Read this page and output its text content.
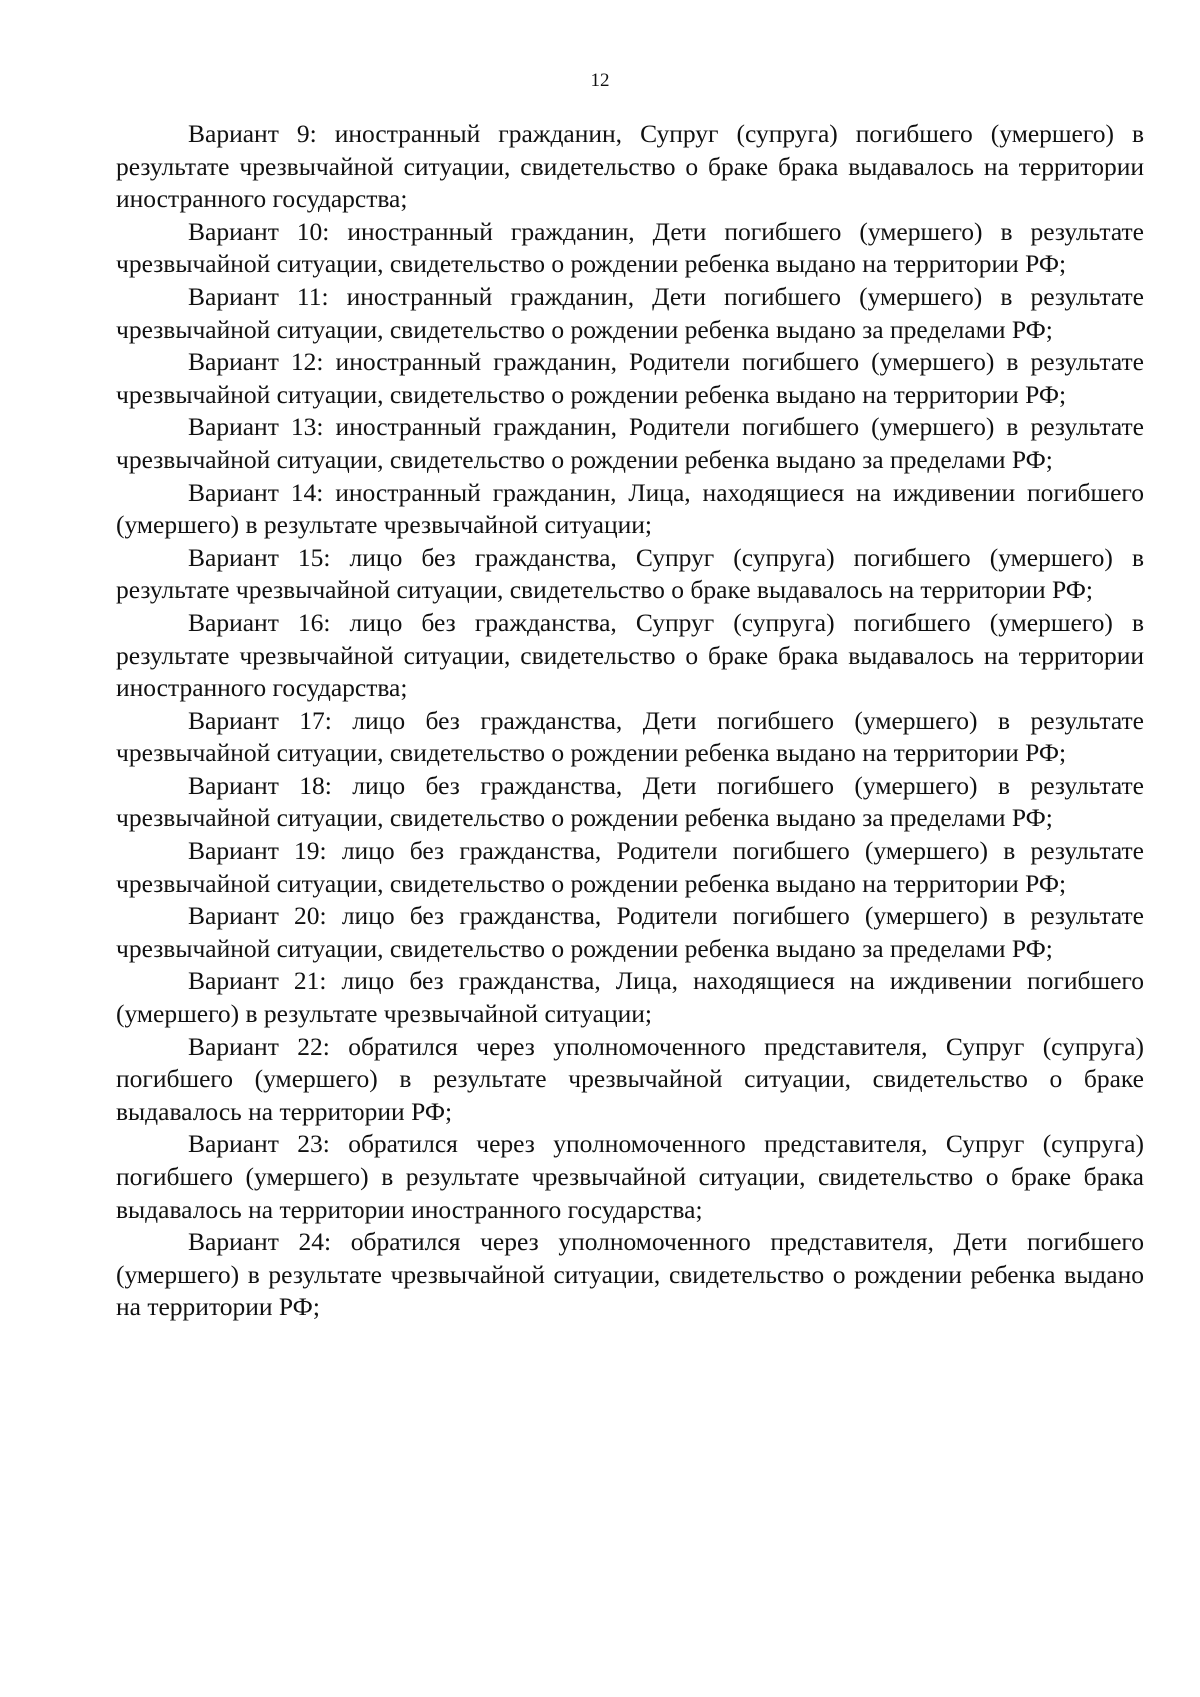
12

Вариант 9: иностранный гражданин, Супруг (супруга) погибшего (умершего) в результате чрезвычайной ситуации, свидетельство о браке брака выдавалось на территории иностранного государства;

Вариант 10: иностранный гражданин, Дети погибшего (умершего) в результате чрезвычайной ситуации, свидетельство о рождении ребенка выдано на территории РФ;

Вариант 11: иностранный гражданин, Дети погибшего (умершего) в результате чрезвычайной ситуации, свидетельство о рождении ребенка выдано за пределами РФ;

Вариант 12: иностранный гражданин, Родители погибшего (умершего) в результате чрезвычайной ситуации, свидетельство о рождении ребенка выдано на территории РФ;

Вариант 13: иностранный гражданин, Родители погибшего (умершего) в результате чрезвычайной ситуации, свидетельство о рождении ребенка выдано за пределами РФ;

Вариант 14: иностранный гражданин, Лица, находящиеся на иждивении погибшего (умершего) в результате чрезвычайной ситуации;

Вариант 15: лицо без гражданства, Супруг (супруга) погибшего (умершего) в результате чрезвычайной ситуации, свидетельство о браке выдавалось на территории РФ;

Вариант 16: лицо без гражданства, Супруг (супруга) погибшего (умершего) в результате чрезвычайной ситуации, свидетельство о браке брака выдавалось на территории иностранного государства;

Вариант 17: лицо без гражданства, Дети погибшего (умершего) в результате чрезвычайной ситуации, свидетельство о рождении ребенка выдано на территории РФ;

Вариант 18: лицо без гражданства, Дети погибшего (умершего) в результате чрезвычайной ситуации, свидетельство о рождении ребенка выдано за пределами РФ;

Вариант 19: лицо без гражданства, Родители погибшего (умершего) в результате чрезвычайной ситуации, свидетельство о рождении ребенка выдано на территории РФ;

Вариант 20: лицо без гражданства, Родители погибшего (умершего) в результате чрезвычайной ситуации, свидетельство о рождении ребенка выдано за пределами РФ;

Вариант 21: лицо без гражданства, Лица, находящиеся на иждивении погибшего (умершего) в результате чрезвычайной ситуации;

Вариант 22: обратился через уполномоченного представителя, Супруг (супруга) погибшего (умершего) в результате чрезвычайной ситуации, свидетельство о браке выдавалось на территории РФ;

Вариант 23: обратился через уполномоченного представителя, Супруг (супруга) погибшего (умершего) в результате чрезвычайной ситуации, свидетельство о браке брака выдавалось на территории иностранного государства;

Вариант 24: обратился через уполномоченного представителя, Дети погибшего (умершего) в результате чрезвычайной ситуации, свидетельство о рождении ребенка выдано на территории РФ;
